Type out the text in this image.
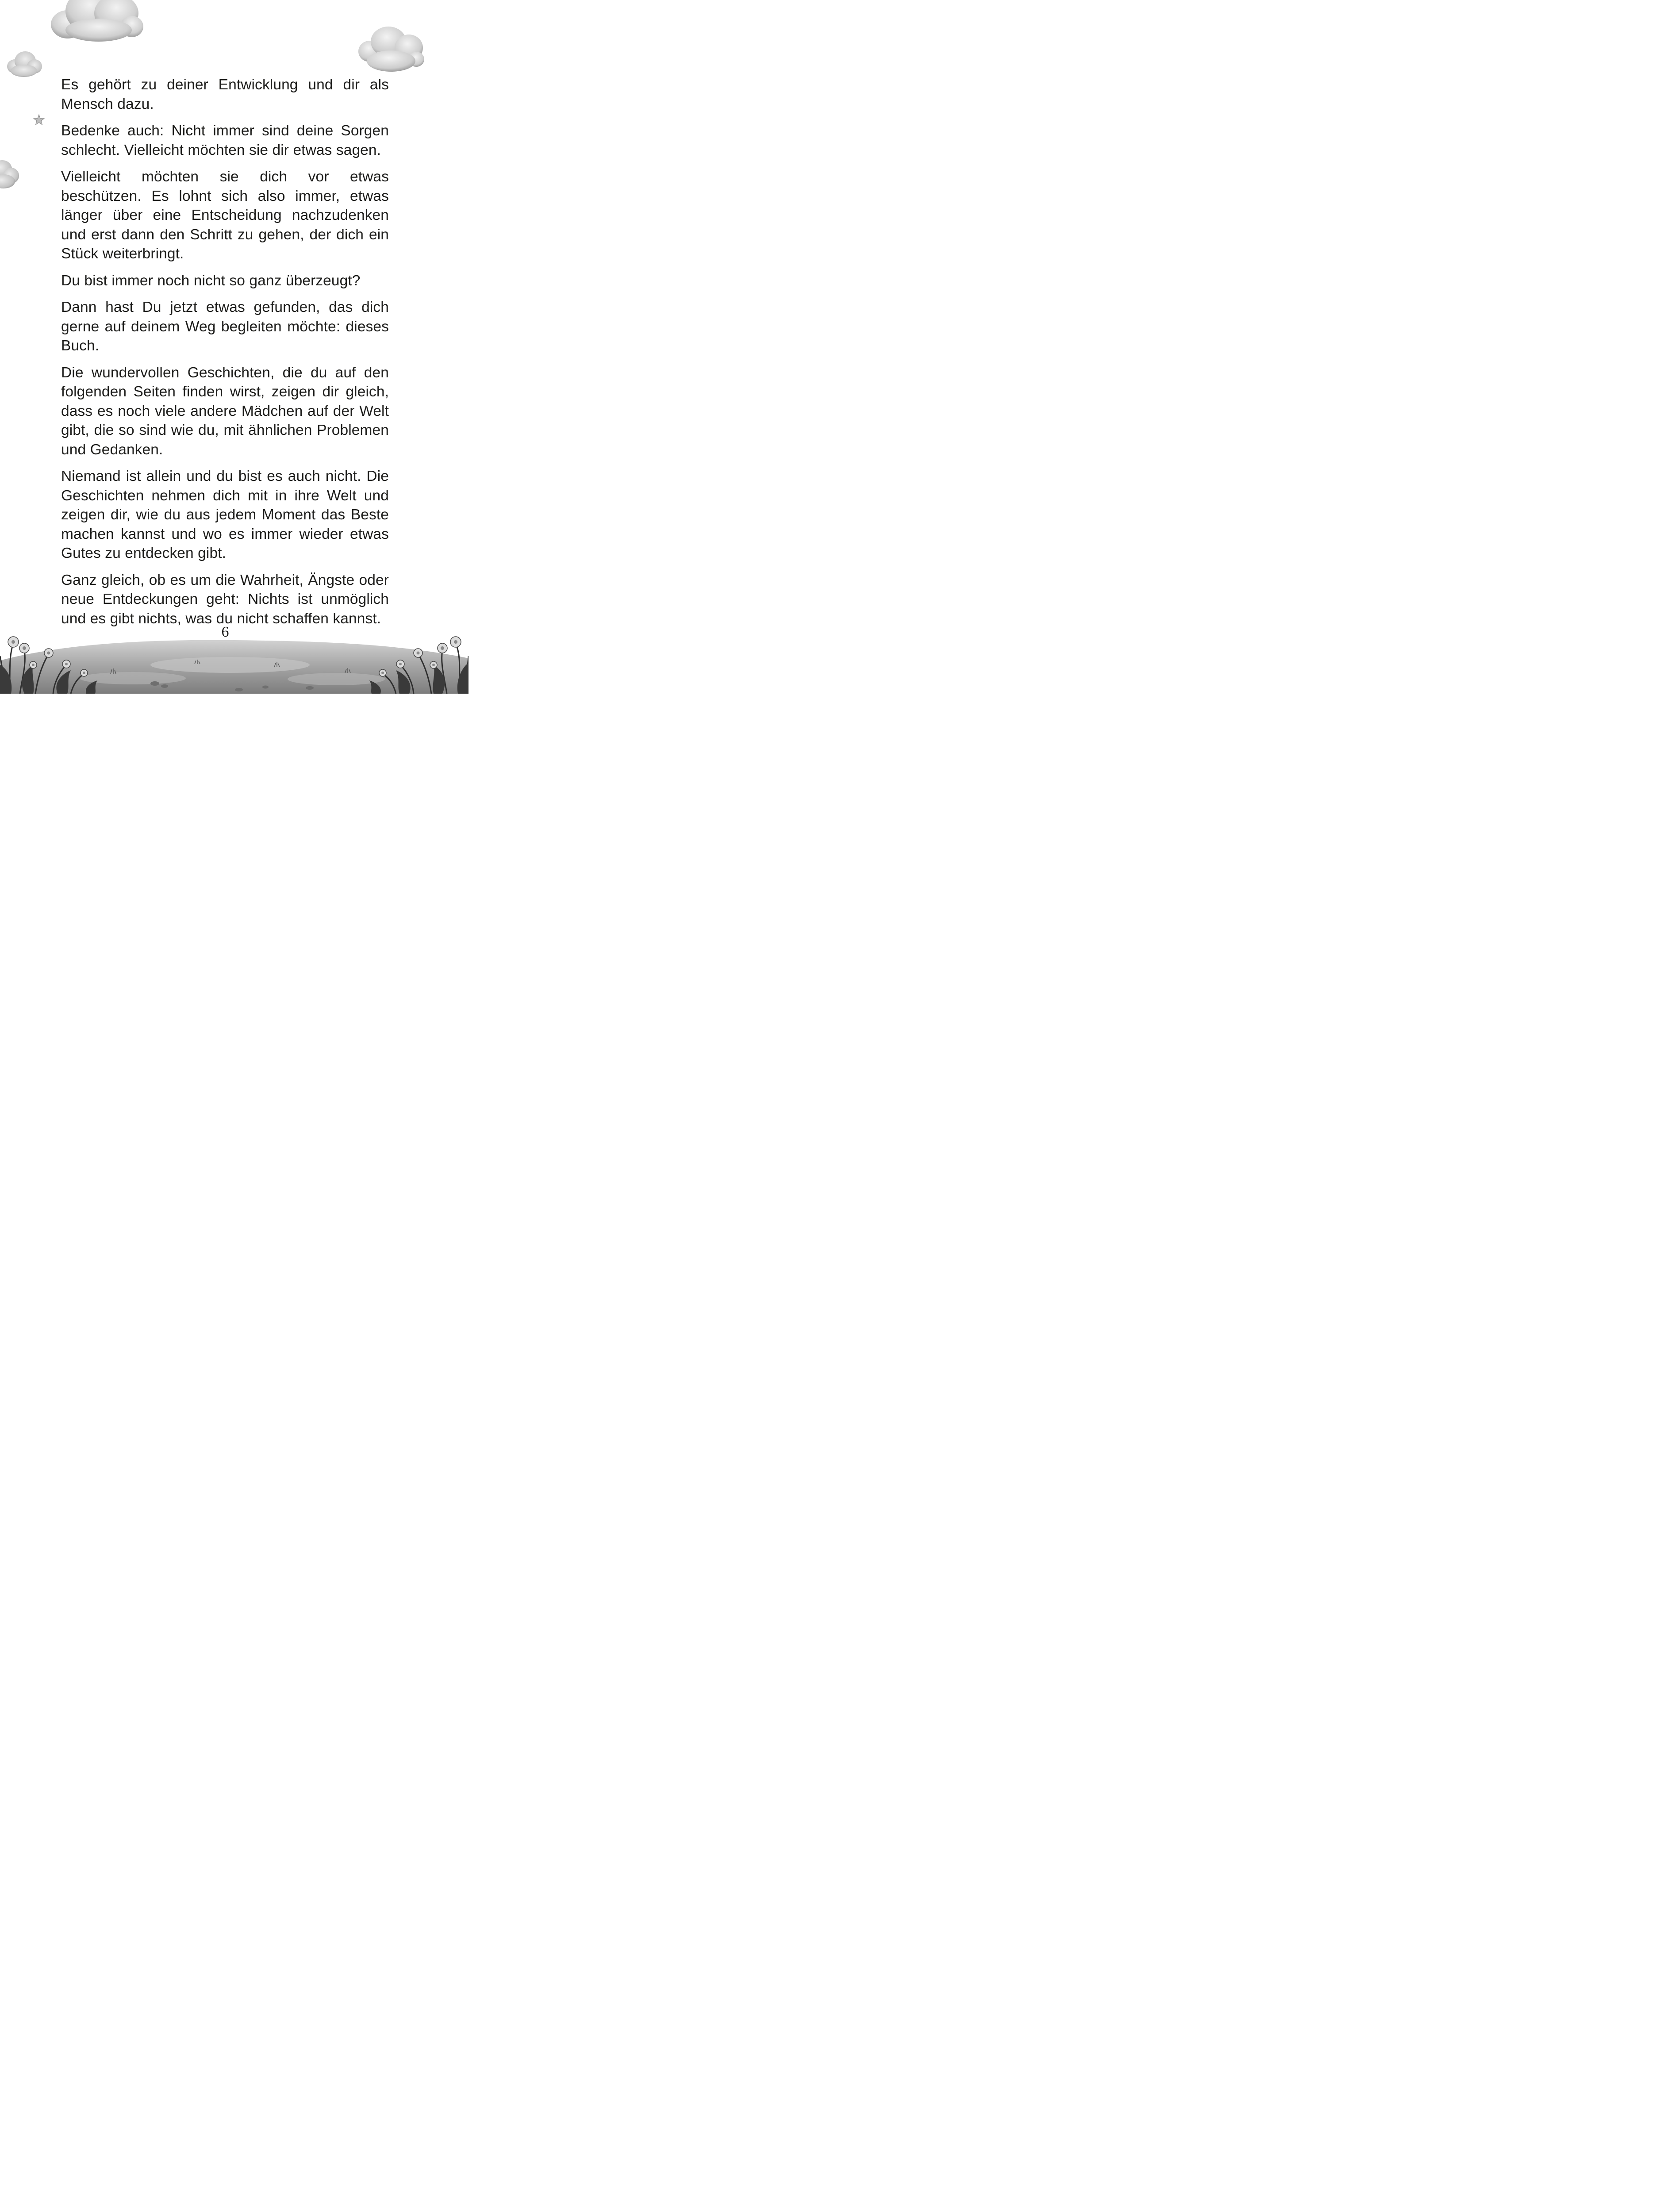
Es gehört zu deiner Entwicklung und dir als Mensch dazu.

Bedenke auch: Nicht immer sind deine Sorgen schlecht. Vielleicht möchten sie dir etwas sagen.

Vielleicht möchten sie dich vor etwas beschützen. Es lohnt sich also immer, etwas länger über eine Entscheidung nachzudenken und erst dann den Schritt zu gehen, der dich ein Stück weiterbringt.

Du bist immer noch nicht so ganz überzeugt?

Dann hast Du jetzt etwas gefunden, das dich gerne auf deinem Weg begleiten möchte: dieses Buch.

Die wundervollen Geschichten, die du auf den folgenden Seiten finden wirst, zeigen dir gleich, dass es noch viele andere Mädchen auf der Welt gibt, die so sind wie du, mit ähnlichen Problemen und Gedanken.

Niemand ist allein und du bist es auch nicht. Die Geschichten nehmen dich mit in ihre Welt und zeigen dir, wie du aus jedem Moment das Beste machen kannst und wo es immer wieder etwas Gutes zu entdecken gibt.

Ganz gleich, ob es um die Wahrheit, Ängste oder neue Entdeckungen geht: Nichts ist unmöglich und es gibt nichts, was du nicht schaffen kannst.

6
